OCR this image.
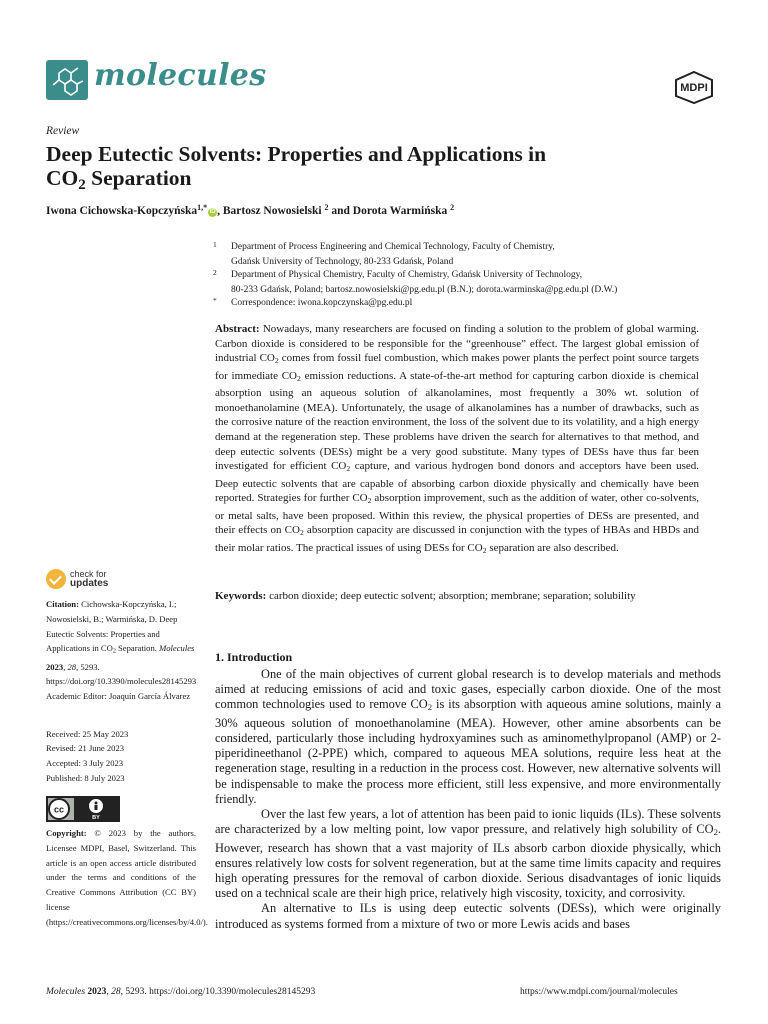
molecules	MDPI
Review
Deep Eutectic Solvents: Properties and Applications in
$CO_2$ Separation
Iwona Cichowska-Kopczyńska$^{1,*}$ iD , Bartosz Nowosielski $^2$ and Dorota Warmińska $^2$
1 Department of Process Engineering and Chemical Technology, Faculty of Chemistry,
Gdańsk University of Technology, 80-233 Gdańsk, Poland
2 Department of Physical Chemistry, Faculty of Chemistry, Gdańsk University of Technology,
80-233 Gdańsk, Poland; bartosz.nowosielski@pg.edu.pl (B.N.); dorota.warminska@pg.edu.pl (D.W.)
* Correspondence: iwona.kopczynska@pg.edu.pl
Abstract: Nowadays, many researchers are focused on finding a solution to the problem of global warming. Carbon dioxide is considered to be responsible for the “greenhouse” effect. The largest global emission of industrial $CO_2$ comes from fossil fuel combustion, which makes power plants the perfect point source targets for immediate $CO_2$ emission reductions. A state-of-the-art method for capturing carbon dioxide is chemical absorption using an aqueous solution of alkanolamines, most frequently a 30% wt. solution of monoethanolamine (MEA). Unfortunately, the usage of alkanolamines has a number of drawbacks, such as the corrosive nature of the reaction environment, the loss of the solvent due to its volatility, and a high energy demand at the regeneration step. These problems have driven the search for alternatives to that method, and deep eutectic solvents (DESs) might be a very good substitute. Many types of DESs have thus far been investigated for efficient $CO_2$ capture, and various hydrogen bond donors and acceptors have been used. Deep eutectic solvents that are capable of absorbing carbon dioxide physically and chemically have been reported. Strategies for further $CO_2$ absorption improvement, such as the addition of water, other co-solvents, or metal salts, have been proposed. Within this review, the physical properties of DESs are presented, and their effects on $CO_2$ absorption capacity are discussed in conjunction with the types of HBAs and HBDs and their molar ratios. The practical issues of using DESs for $CO_2$ separation are also described.
Keywords: carbon dioxide; deep eutectic solvent; absorption; membrane; separation; solubility
1. Introduction

One of the main objectives of current global research is to develop materials and methods aimed at reducing emissions of acid and toxic gases, especially carbon dioxide. One of the most common technologies used to remove $CO_2$ is its absorption with aqueous amine solutions, mainly a 30% aqueous solution of monoethanolamine (MEA). However, other amine absorbents can be considered, particularly those including hydroxyamines such as aminomethylpropanol (AMP) or 2-piperidineethanol (2-PPE) which, compared to aqueous MEA solutions, require less heat at the regeneration stage, resulting in a reduction in the process cost. However, new alternative solvents will be indispensable to make the process more efficient, still less expensive, and more environmentally friendly.

Over the last few years, a lot of attention has been paid to ionic liquids (ILs). These solvents are characterized by a low melting point, low vapor pressure, and relatively high solubility of $CO_2$. However, research has shown that a vast majority of ILs absorb carbon dioxide physically, which ensures relatively low costs for solvent regeneration, but at the same time limits capacity and requires high operating pressures for the removal of carbon dioxide. Serious disadvantages of ionic liquids used on a technical scale are their high price, relatively high viscosity, toxicity, and corrosivity.

An alternative to ILs is using deep eutectic solvents (DESs), which were originally introduced as systems formed from a mixture of two or more Lewis acids and bases

check for
updates
Citation: Cichowska-Kopczyńska, I.; Nowosielski, B.; Warmińska, D. Deep Eutectic Solvents: Properties and Applications in $CO_2$ Separation. Molecules 2023, 28, 5293. https://doi.org/10.3390/molecules28145293
Academic Editor: Joaquín García Álvarez
Received: 25 May 2023
Revised: 21 June 2023
Accepted: 3 July 2023
Published: 8 July 2023
cc
BY
Copyright: © 2023 by the authors. Licensee MDPI, Basel, Switzerland. This article is an open access article distributed under the terms and conditions of the Creative Commons Attribution (CC BY) license (https://creativecommons.org/licenses/by/4.0/).
Molecules 2023, 28, 5293. https://doi.org/10.3390/molecules28145293	https://www.mdpi.com/journal/molecules
